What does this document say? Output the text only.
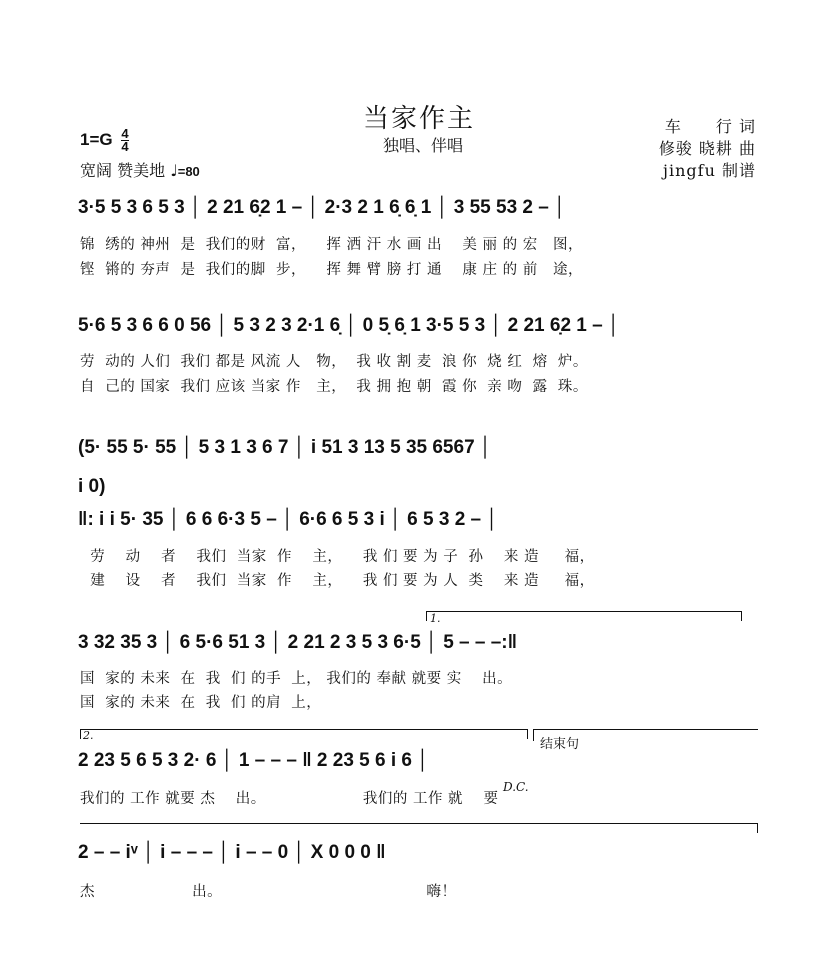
当家作主
独唱、伴唱
车　　行 词
修骏 晓耕 曲
jingfu 制谱
$1=G \frac{4}{4}$
宽阔 赞美地 ♩=80
3·5 5 3 6 5 3 │ 2 21 6̣2 1 – │ 2·3 2 1 6̣ 6̣ 1 │ 3 55 53 2 – │
锦  绣的 神州  是  我们的财  富，    挥 洒 汗 水 画 出    美 丽 的 宏   图，
铿  锵的 夯声  是  我们的脚  步，    挥 舞 臂 膀 打 通    康 庄 的 前   途，
5·6 5 3 6 6 0 56 │ 5 3 2 3 2·1 6̣ │ 0 5̣ 6̣ 1 3·5 5 3 │ 2 21 6̣2 1 – │
劳  动的 人们  我们 都是 风流 人   物，  我 收 割 麦  浪 你  烧 红  熔  炉。
自  己的 国家  我们 应该 当家 作   主，  我 拥 抱 朝  霞 你  亲 吻  露  珠。
(5· 55 5· 55 │ 5 3 1 3 6 7 │ i 51 3 13 5 35 6567 │
i 0)
‖: i i 5· 35 │ 6 6 6·3 5 – │ 6·6 6 5 3 i │ 6 5 3 2 – │
劳    动    者    我们  当家  作    主，    我 们 要 为 子  孙    来 造     福，
建    设    者    我们  当家  作    主，    我 们 要 为 人  类    来 造     福，
1.
3 32 35 3 │ 6 5·6 51 3 │ 2 21 2 3 5 3 6·5 │ 5 – – –:‖
国  家的 未来  在  我  们 的手  上， 我们的 奉献 就要 实    出。
国  家的 未来  在  我  们 的肩  上，
2.
结束句
2 23 5 6 5 3 2· 6 │ 1 – – – ‖ 2 23 5 6 i 6 │
D.C.
我们的 工作 就要 杰    出。                   我们的 工作 就    要
2 – – iᵛ │ i – – – │ i – – 0 │ X 0 0 0 ‖
杰                   出。                                        嗨！
